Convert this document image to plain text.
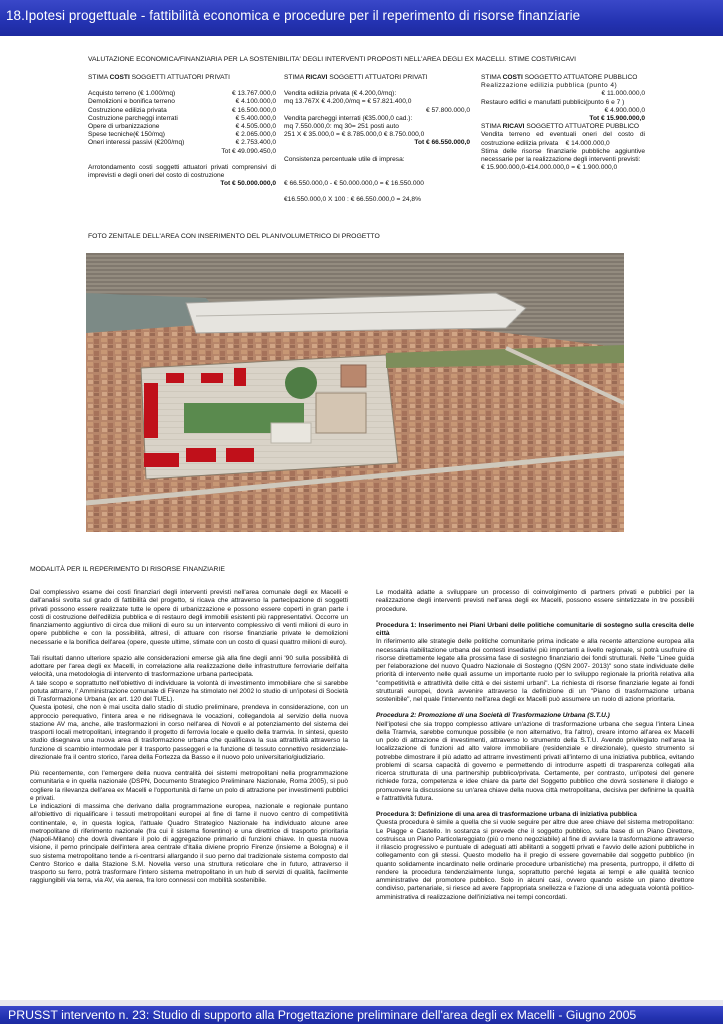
18.Ipotesi progettuale - fattibilità economica e procedure per il reperimento di risorse finanziarie
VALUTAZIONE ECONOMICA/FINANZIARIA PER LA SOSTENIBILITA' DEGLI INTERVENTI PROPOSTI NELL'AREA DEGLI EX MACELLI. STIME COSTI/RICAVI
STIMA COSTI SOGGETTI ATTUATORI PRIVATI
Acquisto terreno (€ 1.000/mq)	€ 13.767.000,0
Demolizioni e bonifica terreno	€ 4.100.000,0
Costruzione edilizia privata	€ 16.500.000,0
Costruzione parcheggi interrati	€ 5.400.000,0
Opere di urbanizzazione	€ 4.505.000,0
Spese tecniche(€ 150/mq)	€ 2.065.000,0
Oneri interessi passivi (€200/mq)	€ 2.753.400,0
Tot € 49.090.450,0
Arrotondamento costi soggetti attuatori privati comprensivi di imprevisti e degli oneri del costo di costruzione
Tot € 50.000.000,0
STIMA RICAVI SOGGETTI ATTUATORI PRIVATI
Vendita edilizia privata (€ 4.200,0/mq):
mq 13.767X € 4.200,0/mq = € 57.821.400,0
€ 57.800.000,0
Vendita parcheggi interrati (€35.000,0 cad.):
mq 7.550.000,0: mq 30= 251 posti auto
251 X € 35.000,0 = € 8.785.000,0 € 8.750.000,0
Tot € 66.550.000,0
Consistenza percentuale utile di impresa:
€ 66.550.000,0 - € 50.000.000,0 = € 16.550.000
€16.550.000,0 X 100 : € 66.550.000,0 = 24,8%
STIMA COSTI SOGGETTO ATTUATORE PUBBLICO
Realizzazione edilizia pubblica (punto 4)
€ 11.000.000,0
Restauro edifici e manufatti pubblici(punto 6 e 7 )
€ 4.900.000,0
Tot € 15.900.000,0
STIMA RICAVI SOGGETTO ATTUATORE PUBBLICO
Vendita terreno ed eventuali oneri del costo di costruzione edilizia privata € 14.000.000,0
Stima delle risorse finanziarie pubbliche aggiuntive necessarie per la realizzazione degli interventi previsti:
€ 15.900.000,0-€14.000.000,0 = € 1.900.000,0
FOTO ZENITALE DELL'AREA CON INSERIMENTO DEL PLANIVOLUMETRICO DI PROGETTO
MODALITÀ PER IL REPERIMENTO DI RISORSE FINANZIARIE

Dal complessivo esame dei costi finanziari degli interventi previsti nell'area comunale degli ex Macelli e dall'analisi svolta sul grado di fattibilità del progetto, si ricava che attraverso la partecipazione di soggetti privati possono essere realizzate tutte le opere di urbanizzazione e possono essere coperti in gran parte i costi di costruzione dell'edilizia pubblica e di restauro degli immobili esistenti più rappresentativi. Occorre un finanziamento aggiuntivo di circa due milioni di euro su un intervento complessivo di venti milioni di euro in opere pubbliche e con la possibilità, altresì, di attuare con risorse finanziarie private le demolizioni necessarie e la bonifica dell'area (opere, queste ultime, stimate con un costo di quasi quattro milioni di euro).

Tali risultati danno ulteriore spazio alle considerazioni emerse già alla fine degli anni '90 sulla possibilità di adottare per l'area degli ex Macelli, in correlazione alla realizzazione delle infrastrutture ferroviarie dell'alta velocità, una metodologia di intervento di trasformazione urbana partecipata.
A tale scopo e soprattutto nell'obiettivo di individuare la volontà di investimento immobiliare che si sarebbe potuta attrarre, l' Amministrazione comunale di Firenze ha stimolato nel 2002 lo studio di un'ipotesi di Società di Trasformazione Urbana (ex art. 120 del TUEL).
Questa ipotesi, che non è mai uscita dallo stadio di studio preliminare, prendeva in considerazione, con un approccio perequativo, l'intera area e ne ridisegnava le vocazioni, collegandola al servizio della nuova stazione AV ma, anche, alle trasformazioni in corso nell'area di Novoli e al potenziamento del sistema dei trasporti locali metropolitani, integrando il progetto di ferrovia locale e quello della tramvia. In sintesi, questo studio disegnava una nuova area di trasformazione urbana che qualificava la sua attrattività attraverso la funzione di scambio intermodale per il trasporto passeggeri e la funzione di tessuto connettivo residenziale-direzionale fra il centro storico, l'area della Fortezza da Basso e il nuovo polo universitario/giudiziario.

Più recentemente, con l'emergere della nuova centralità dei sistemi metropolitani nella programmazione comunitaria e in quella nazionale (DSPN, Documento Strategico Preliminare Nazionale, Roma 2005), si può cogliere la rilevanza dell'area ex Macelli e l'opportunità di farne un polo di attrazione per investimenti pubblici e privati.
Le indicazioni di massima che derivano dalla programmazione europea, nazionale e regionale puntano all'obiettivo di riqualificare i tessuti metropolitani europei al fine di farne il nuovo centro di competitività continentale, e, in questa logica, l'attuale Quadro Strategico Nazionale ha individuato alcune aree metropolitane di riferimento nazionale (fra cui il sistema fiorentino) e una direttrice di trasporto prioritaria (Napoli-Milano) che dovrà diventare il polo di aggregazione primario di funzioni chiave. In questa nuova visione, il perno principale dell'intera area centrale d'Italia diviene proprio Firenze (insieme a Bologna) e il suo sistema metropolitano tende a ri-centrarsi allargando il suo perno dal tradizionale sistema composto dal Centro Storico e dalla Stazione S.M. Novella verso una struttura reticolare che in futuro, attraverso il trasporto su ferro, potrà trasformare l'intero sistema metropolitano in un hub di servizi di qualità, facilmente raggiungibili via terra, via AV, via aerea, fra loro connessi con mobilità sostenibile.

Le modalità adatte a sviluppare un processo di coinvolgimento di partners privati e pubblici per la realizzazione degli interventi previsti nell'area degli ex Macelli, possono essere sintetizzate in tre possibili procedure.

Procedura 1: Inserimento nei Piani Urbani delle politiche comunitarie di sostegno sulla crescita delle città

In riferimento alle strategie delle politiche comunitarie prima indicate e alla recente attenzione europea alla necessaria riabilitazione urbana dei contesti insediativi più importanti a livello regionale, si potrà usufruire di risorse direttamente legate alla prossima fase di sostegno finanziario dei fondi strutturali. Nelle "Linee guida per l'elaborazione del nuovo Quadro Nazionale di Sostegno (QSN 2007- 2013)" sono state individuate delle priorità di intervento nelle quali assume un importante ruolo per lo sviluppo regionale la priorità relativa alla "competitività e attrattività delle città e dei sistemi urbani". La richiesta di risorse finanziarie legate ai fondi strutturali europei, dovrà avvenire attraverso la definizione di un "Piano di trasformazione urbana sostenibile", nel quale l'intervento nell'area degli ex Macelli può assumere un ruolo di azione prioritaria.

Procedura 2: Promozione di una Società di Trasformazione Urbana (S.T.U.)

Nell'ipotesi che sia troppo complesso attivare un'azione di trasformazione urbana che segua l'intera Linea della Tramvia, sarebbe comunque possibile (e non alternativo, fra l'altro), creare intorno all'area ex Macelli un polo di attrazione di investimenti, attraverso lo strumento della S.T.U. Avendo privilegiato nell'area la localizzazione di funzioni ad alto valore immobiliare (residenziale e direzionale), questo strumento si potrebbe dimostrare il più adatto ad attrarre investimenti privati all'interno di una iniziativa pubblica, evitando problemi di scarsa capacità di governo e permettendo di introdurre aspetti di trasparenza collegati alla ricerca strutturata di una partnership pubblico/privata. Certamente, per contrasto, un'ipotesi del genere richiede forza, competenza e idee chiare da parte del Soggetto pubblico che dovrà sostenere il dialogo e promuovere la discussione su un'area chiave della nuova città metropolitana, decisiva per definirne la qualità e l'attrattività futura.

Procedura 3: Definizione di una area di trasformazione urbana di iniziativa pubblica

Questa procedura è simile a quella che si vuole seguire per altre due aree chiave del sistema metropolitano: Le Piagge e Castello. In sostanza si prevede che il soggetto pubblico, sulla base di un Piano Direttore, costruisca un Piano Particolareggiato (più o meno negoziabile) al fine di avviare la trasformazione attraverso il rilascio progressivo e puntuale di adeguati atti abilitanti a soggetti privati e l'avvio delle azioni pubbliche in collegamento con gli stessi. Questo modello ha il pregio di essere governabile dal soggetto pubblico (in quanto solidamente incardinato nelle ordinarie procedure urbanistiche) ma presenta, purtroppo, il difetto di rendere la procedura tendenzialmente lunga, soprattutto perché legata ai tempi e alle qualità tecnico amministrative del promotore pubblico. Solo in alcuni casi, ovvero quando esiste un piano direttore condiviso, partenariale, si riesce ad avere l'appropriata snellezza e l'azione di una adeguata volontà politico-amministrativa di realizzazione dell'iniziativa nei tempi concordati.

PRUSST intervento n. 23: Studio di supporto alla Progettazione preliminare dell'area degli ex Macelli - Giugno 2005
